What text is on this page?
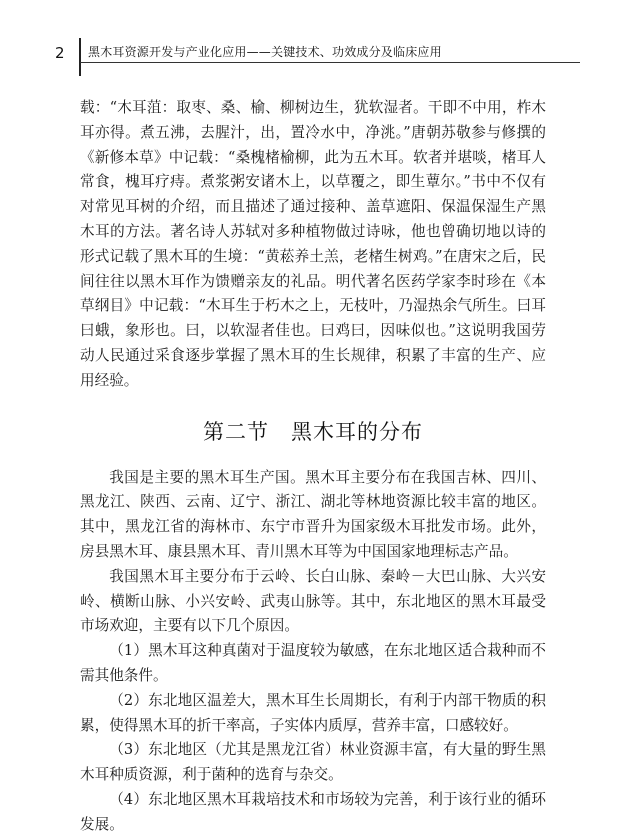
2 黑木耳资源开发与产业化应用——关键技术、功效成分及临床应用

载：“木耳菹：取枣、桑、榆、柳树边生，犹软湿者。干即不中用，柞木耳亦得。煮五沸，去腥汁，出，置冷水中，净洮。”唐朝苏敬参与修撰的《新修本草》中记载：“桑槐楮榆柳，此为五木耳。软者并堪啖，楮耳人常食，槐耳疗痔。煮浆粥安诸木上，以草覆之，即生蕈尔。”书中不仅有对常见耳树的介绍，而且描述了通过接种、盖草遮阳、保温保湿生产黑木耳的方法。著名诗人苏轼对多种植物做过诗咏，他也曾确切地以诗的形式记载了黑木耳的生境：“黄菘养土羔，老楮生树鸡。”在唐宋之后，民间往往以黑木耳作为馈赠亲友的礼品。明代著名医药学家李时珍在《本草纲目》中记载：“木耳生于朽木之上，无枝叶，乃湿热余气所生。曰耳曰蛾，象形也。曰，以软湿者佳也。曰鸡曰，因味似也。”这说明我国劳动人民通过采食逐步掌握了黑木耳的生长规律，积累了丰富的生产、应用经验。

第二节 黑木耳的分布

我国是主要的黑木耳生产国。黑木耳主要分布在我国吉林、四川、黑龙江、陕西、云南、辽宁、浙江、湖北等林地资源比较丰富的地区。其中，黑龙江省的海林市、东宁市晋升为国家级木耳批发市场。此外，房县黑木耳、康县黑木耳、青川黑木耳等为中国国家地理标志产品。

我国黑木耳主要分布于云岭、长白山脉、秦岭－大巴山脉、大兴安岭、横断山脉、小兴安岭、武夷山脉等。其中，东北地区的黑木耳最受市场欢迎，主要有以下几个原因。

（1）黑木耳这种真菌对于温度较为敏感，在东北地区适合栽种而不需其他条件。

（2）东北地区温差大，黑木耳生长周期长，有利于内部干物质的积累，使得黑木耳的折干率高，子实体内质厚，营养丰富，口感较好。

（3）东北地区（尤其是黑龙江省）林业资源丰富，有大量的野生黑木耳种质资源，利于菌种的选育与杂交。

（4）东北地区黑木耳栽培技术和市场较为完善，利于该行业的循环发展。
